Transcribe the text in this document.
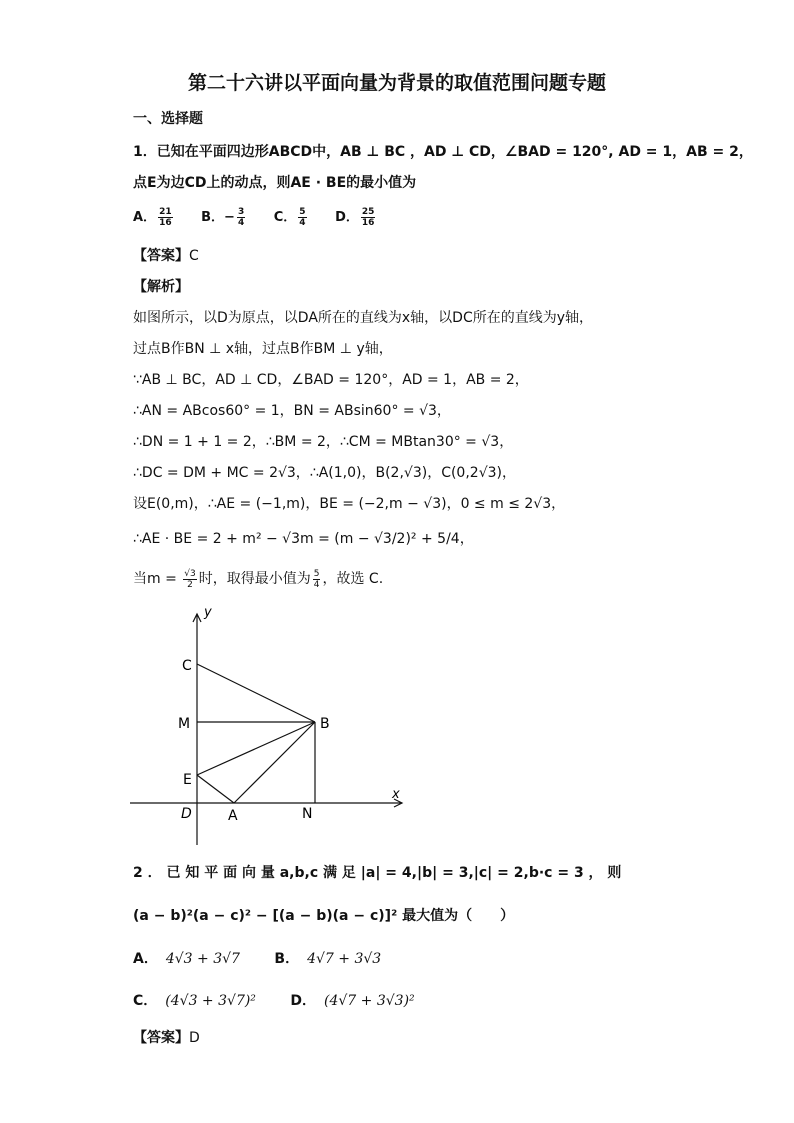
第二十六讲以平面向量为背景的取值范围问题专题
一、选择题
1．已知在平面四边形ABCD中，AB ⊥ BC ，AD ⊥ CD，∠BAD = 120°, AD = 1，AB = 2，
点E为边CD上的动点，则AE · BE的最小值为
A． $\frac{21}{16}$ B．− $\frac{3}{4}$ C． $\frac{5}{4}$ D． $\frac{25}{16}$
【答案】C
【解析】
如图所示，以D为原点，以DA所在的直线为x轴，以DC所在的直线为y轴，
过点B作BN ⊥ x轴，过点B作BM ⊥ y轴，
∵AB ⊥ BC，AD ⊥ CD，∠BAD = 120°，AD = 1，AB = 2，
∴AN = ABcos60° = 1，BN = ABsin60° = √3，
∴DN = 1 + 1 = 2，∴BM = 2，∴CM = MBtan30° = √3，
∴DC = DM + MC = 2√3，∴A(1,0)，B(2,√3)，C(0,2√3)，
设E(0,m)，∴AE = (−1,m)，BE = (−2,m − √3)，0 ≤ m ≤ 2√3，
∴AE · BE = 2 + m² − √3m = (m − √3/2)² + 5/4，
当$m = \frac{√3}{2}$ 时，取得最小值为 $\frac{5}{4}$ ，故选 C.
y
x
C
M	B
E
D	A	N
2 ． 已 知 平 面 向 量 a,b,c 满 足 |a| = 4,|b| = 3,|c| = 2,b·c = 3 ， 则
(a − b)²(a − c)² − [(a − b)(a − c)]² 最大值为（　　）
A． 4√3 + 3√7 B． 4√7 + 3√3
C． (4√3 + 3√7)² D． (4√7 + 3√3)²
【答案】D
